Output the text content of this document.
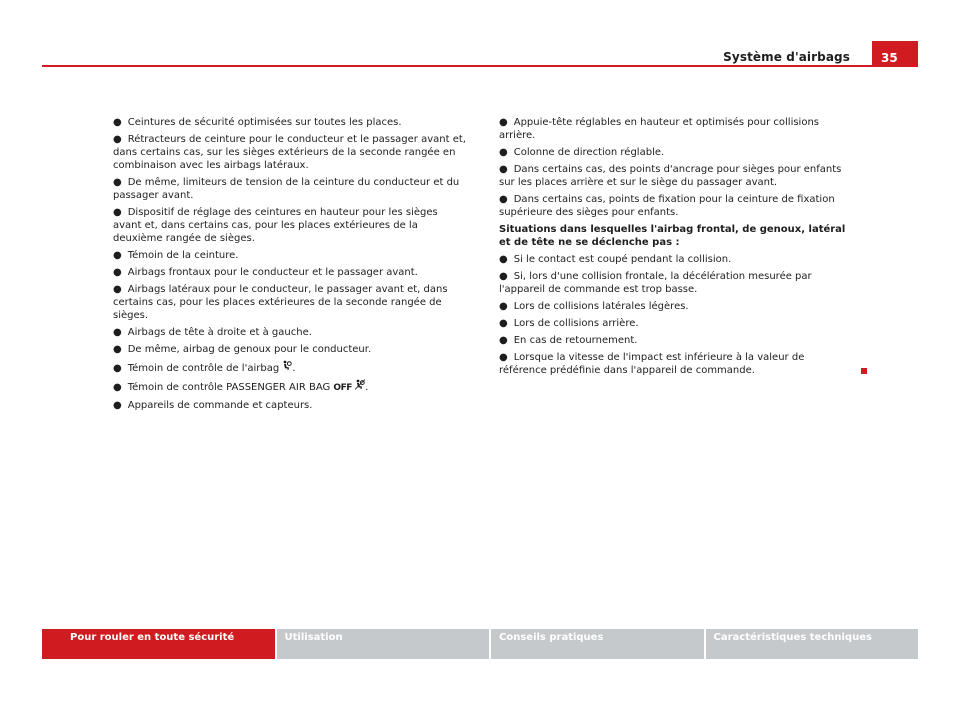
Système d'airbags	35
● Ceintures de sécurité optimisées sur toutes les places.
● Rétracteurs de ceinture pour le conducteur et le passager avant et, dans certains cas, sur les sièges extérieurs de la seconde rangée en combinaison avec les airbags latéraux.
● De même, limiteurs de tension de la ceinture du conducteur et du passager avant.
● Dispositif de réglage des ceintures en hauteur pour les sièges avant et, dans certains cas, pour les places extérieures de la deuxième rangée de sièges.
● Témoin de la ceinture.
● Airbags frontaux pour le conducteur et le passager avant.
● Airbags latéraux pour le conducteur, le passager avant et, dans certains cas, pour les places extérieures de la seconde rangée de sièges.
● Airbags de tête à droite et à gauche.
● De même, airbag de genoux pour le conducteur.
● Témoin de contrôle de l'airbag .
● Témoin de contrôle PASSENGER AIR BAG OFF .
● Appareils de commande et capteurs.
● Appuie-tête réglables en hauteur et optimisés pour collisions arrière.
● Colonne de direction réglable.
● Dans certains cas, des points d'ancrage pour sièges pour enfants sur les places arrière et sur le siège du passager avant.
● Dans certains cas, points de fixation pour la ceinture de fixation supérieure des sièges pour enfants.
Situations dans lesquelles l'airbag frontal, de genoux, latéral et de tête ne se déclenche pas :
● Si le contact est coupé pendant la collision.
● Si, lors d'une collision frontale, la décélération mesurée par l'appareil de commande est trop basse.
● Lors de collisions latérales légères.
● Lors de collisions arrière.
● En cas de retournement.
● Lorsque la vitesse de l'impact est inférieure à la valeur de référence prédéfinie dans l'appareil de commande.
Pour rouler en toute sécurité	Utilisation	Conseils pratiques	Caractéristiques techniques
